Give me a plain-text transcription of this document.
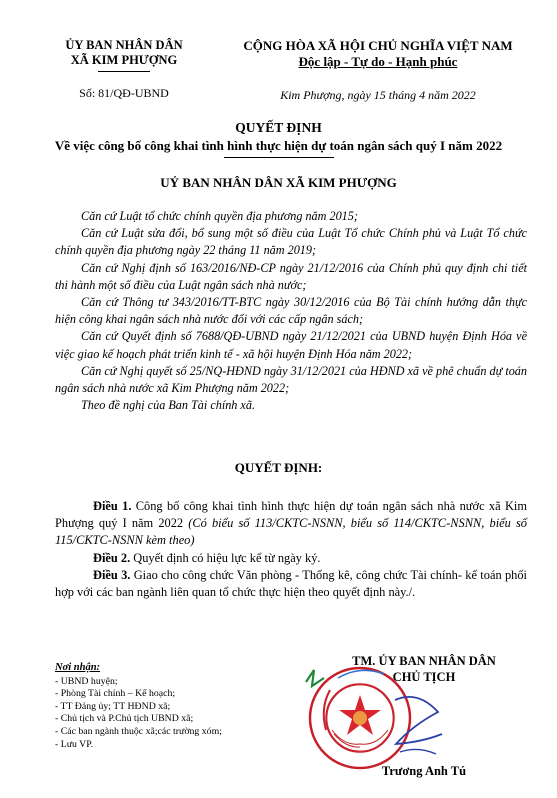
ỦY BAN NHÂN DÂN
XÃ KIM PHƯỢNG
CỘNG HÒA XÃ HỘI CHỦ NGHĨA VIỆT NAM
Độc lập - Tự do - Hạnh phúc
Số: 81/QĐ-UBND	Kim Phượng, ngày 15 tháng 4 năm 2022
QUYẾT ĐỊNH
Về việc công bố công khai tình hình thực hiện dự toán ngân sách quý I năm 2022
UỶ BAN NHÂN DÂN XÃ KIM PHƯỢNG

Căn cứ Luật tổ chức chính quyền địa phương năm 2015;

Căn cứ Luật sửa đổi, bổ sung một số điều của Luật Tổ chức Chính phủ và Luật Tổ chức chính quyền địa phương ngày 22 tháng 11 năm 2019;

Căn cứ Nghị định số 163/2016/NĐ-CP ngày 21/12/2016 của Chính phủ quy định chi tiết thi hành một số điều của Luật ngân sách nhà nước;

Căn cứ Thông tư 343/2016/TT-BTC ngày 30/12/2016 của Bộ Tài chính hướng dẫn thực hiện công khai ngân sách nhà nước đối với các cấp ngân sách;

Căn cứ Quyết định số 7688/QĐ-UBND ngày 21/12/2021 của UBND huyện Định Hóa về việc giao kế hoạch phát triển kinh tế - xã hội huyện Định Hóa năm 2022;

Căn cứ Nghị quyết số 25/NQ-HĐND ngày 31/12/2021 của HĐND xã về phê chuẩn dự toán ngân sách nhà nước xã Kim Phượng năm 2022;

Theo đề nghị của Ban Tài chính xã.

QUYẾT ĐỊNH:

Điều 1. Công bố công khai tình hình thực hiện dự toán ngân sách nhà nước xã Kim Phượng quý I năm 2022 (Có biểu số 113/CKTC-NSNN, biểu số 114/CKTC-NSNN, biểu số 115/CKTC-NSNN kèm theo)

Điều 2. Quyết định có hiệu lực kể từ ngày ký.

Điều 3. Giao cho công chức Văn phòng - Thống kê, công chức Tài chính- kế toán phối hợp với các ban ngành liên quan tổ chức thực hiện theo quyết định này./.

Nơi nhận:
- UBND huyện;
- Phòng Tài chính – Kế hoạch;
- TT Đảng ủy; TT HĐND xã;
- Chủ tịch và P.Chủ tịch UBND xã;
- Các ban ngành thuộc xã;các trường xóm;
- Lưu VP.
TM. ỦY BAN NHÂN DÂN
CHỦ TỊCH
Trương Anh Tú
